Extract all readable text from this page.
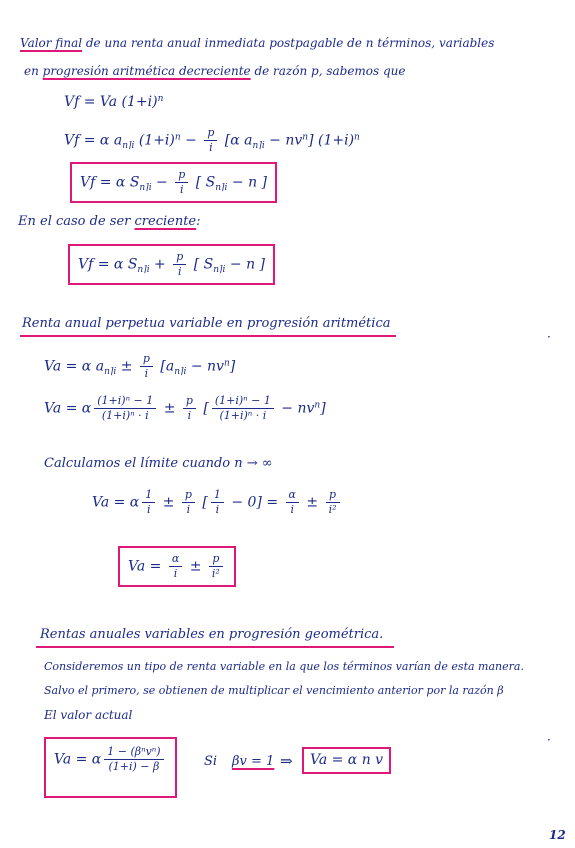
Valor final de una renta anual inmediata postpagable de n términos, variables
en progresión aritmética decreciente de razón p, sabemos que
Vf = Va $(1+i)^n$
Vf = α $a_{n⌉i}$ $(1+i)^n - \frac{p}{i} [\alpha$ $a_{n⌉i} - nv^n$] $(1+i)^n$
Vf = α $S_{n⌉i} - \frac{p}{i}$ [ $S_{n⌉i} - n$ ]
En el caso de ser creciente:
Vf = α $S_{n⌉i} + \frac{p}{i}$ [ $S_{n⌉i} - n$ ]
Renta anual perpetua variable en progresión aritmética
Va = α $a_{n⌉i} \pm \frac{p}{i} [a_{n⌉i} - nv^n]$
Va = α $\frac{\text{(1+i)ⁿ − 1}}{\text{(1+i)ⁿ · i}} \pm \frac{p}{i}$ [ $\frac{\text{(1+i)ⁿ − 1}}{\text{(1+i)ⁿ · i}} - nv^n$]
Calculamos el límite cuando n → ∞
Va = α $\frac{1}{i} \pm \frac{p}{i}$ [ $\frac{1}{i} - 0] = \frac{\alpha}{i} \pm \frac{p}{\text{i²}}$
$Va = \frac{\alpha}{i} \pm \frac{p}{\text{i²}}$
Rentas anuales variables en progresión geométrica.
Consideremos un tipo de renta variable en la que los términos varían de esta manera.
Salvo el primero, se obtienen de multiplicar el vencimiento anterior por la razón β
El valor actual
Va = α $\frac{\text{1 − (βⁿvⁿ)}}{(1+i) - \beta}$	Si βv = 1 ⇒	Va = α n v
·
·
12
